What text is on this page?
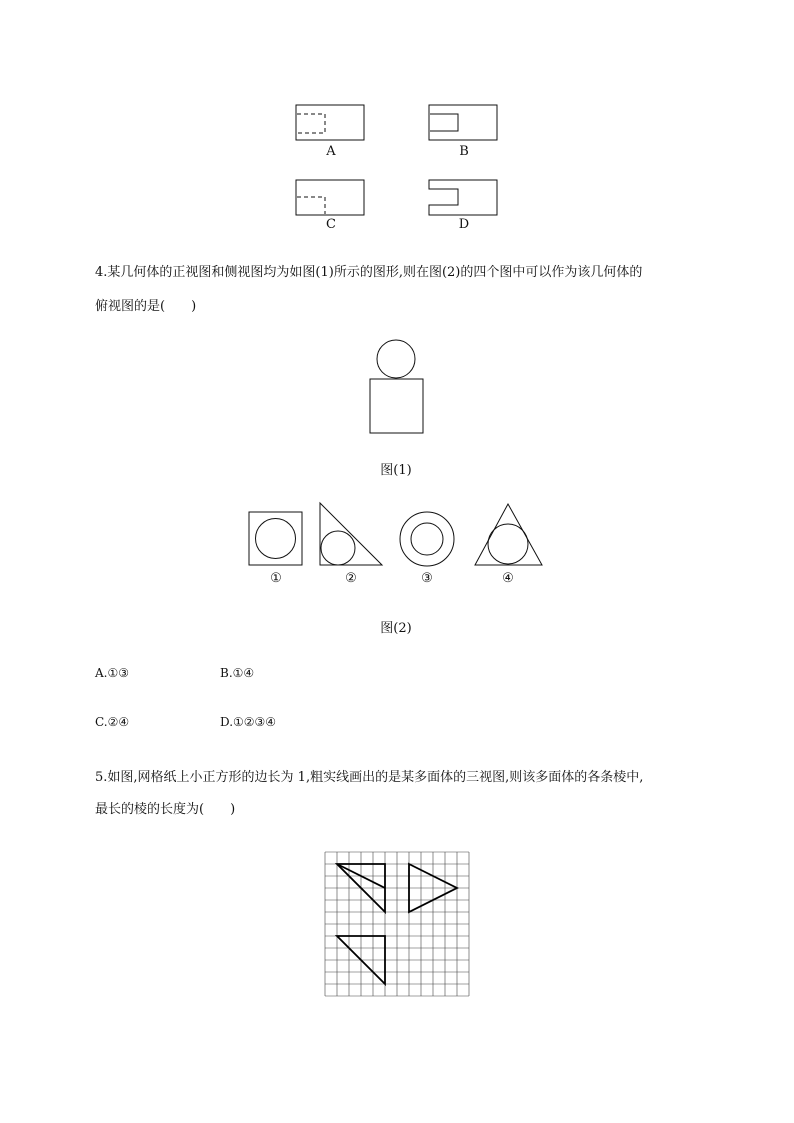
A	B
C	D
4.某几何体的正视图和侧视图均为如图(1)所示的图形,则在图(2)的四个图中可以作为该几何体的
俯视图的是(　　)
图(1)
①	②	③	④
图(2)
A.①③	B.①④
C.②④	D.①②③④
5.如图,网格纸上小正方形的边长为 1,粗实线画出的是某多面体的三视图,则该多面体的各条棱中,
最长的棱的长度为(　　)
